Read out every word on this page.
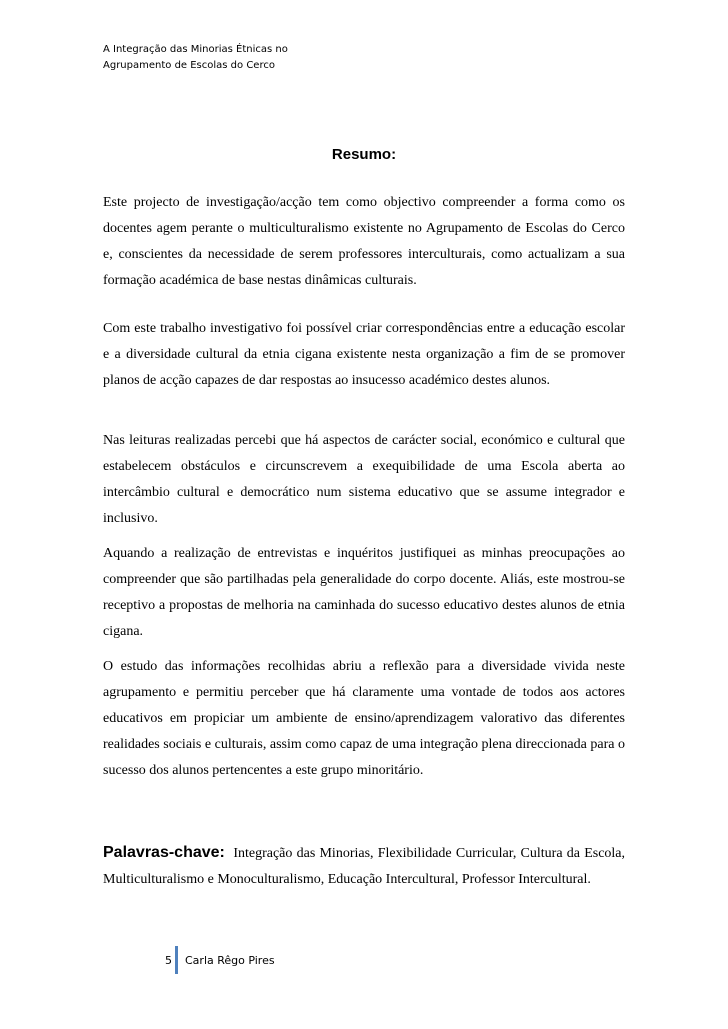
A Integração das Minorias Étnicas no
Agrupamento de Escolas do Cerco
Resumo:

Este projecto de investigação/acção tem como objectivo compreender a forma como os docentes agem perante o multiculturalismo existente no Agrupamento de Escolas do Cerco e, conscientes da necessidade de serem professores interculturais, como actualizam a sua formação académica de base nestas dinâmicas culturais.

Com este trabalho investigativo foi possível criar correspondências entre a educação escolar e a diversidade cultural da etnia cigana existente nesta organização a fim de se promover planos de acção capazes de dar respostas ao insucesso académico destes alunos.

Nas leituras realizadas percebi que há aspectos de carácter social, económico e cultural que estabelecem obstáculos e circunscrevem a exequibilidade de uma Escola aberta ao intercâmbio cultural e democrático num sistema educativo que se assume integrador e inclusivo.

Aquando a realização de entrevistas e inquéritos justifiquei as minhas preocupações ao compreender que são partilhadas pela generalidade do corpo docente. Aliás, este mostrou-se receptivo a propostas de melhoria na caminhada do sucesso educativo destes alunos de etnia cigana.

O estudo das informações recolhidas abriu a reflexão para a diversidade vivida neste agrupamento e permitiu perceber que há claramente uma vontade de todos aos actores educativos em propiciar um ambiente de ensino/aprendizagem valorativo das diferentes realidades sociais e culturais, assim como capaz de uma integração plena direccionada para o sucesso dos alunos pertencentes a este grupo minoritário.

Palavras-chave: Integração das Minorias, Flexibilidade Curricular, Cultura da Escola, Multiculturalismo e Monoculturalismo, Educação Intercultural, Professor Intercultural.

5 Carla Rêgo Pires
